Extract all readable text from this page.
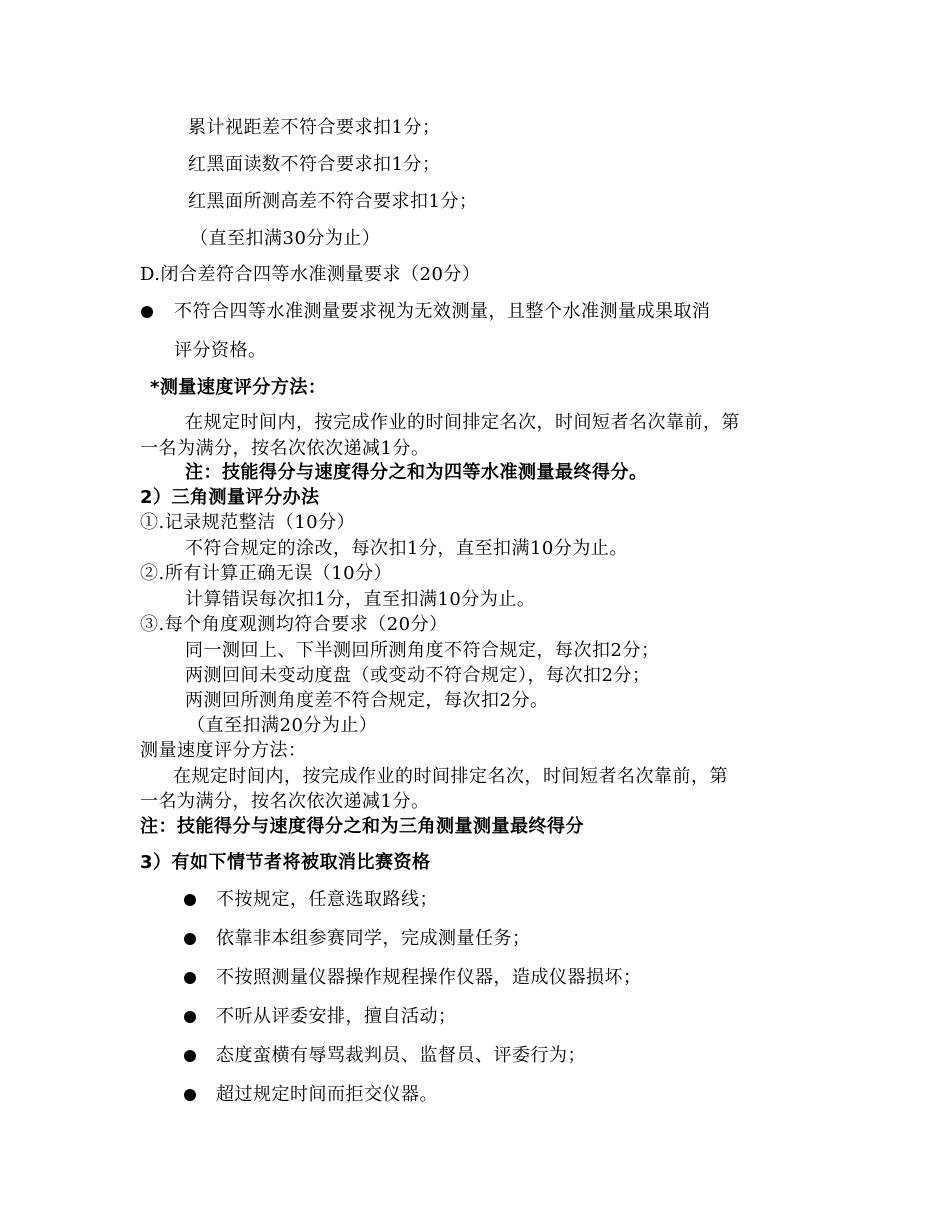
累计视距差不符合要求扣1分；
红黑面读数不符合要求扣1分；
红黑面所测高差不符合要求扣1分；
（直至扣满30分为止）
D.闭合差符合四等水准测量要求（20分）
不符合四等水准测量要求视为无效测量，且整个水准测量成果取消
评分资格。
*测量速度评分方法：
在规定时间内，按完成作业的时间排定名次，时间短者名次靠前，第
一名为满分，按名次依次递减1分。
注：技能得分与速度得分之和为四等水准测量最终得分。
2）三角测量评分办法
①.记录规范整洁（10分）
不符合规定的涂改，每次扣1分，直至扣满10分为止。
②.所有计算正确无误（10分）
计算错误每次扣1分，直至扣满10分为止。
③.每个角度观测均符合要求（20分）
同一测回上、下半测回所测角度不符合规定，每次扣2分；
两测回间未变动度盘（或变动不符合规定），每次扣2分；
两测回所测角度差不符合规定，每次扣2分。
（直至扣满20分为止）
测量速度评分方法：
在规定时间内，按完成作业的时间排定名次，时间短者名次靠前，第
一名为满分，按名次依次递减1分。
注：技能得分与速度得分之和为三角测量测量最终得分
3）有如下情节者将被取消比赛资格
不按规定，任意选取路线；
依靠非本组参赛同学，完成测量任务；
不按照测量仪器操作规程操作仪器，造成仪器损坏；
不听从评委安排，擅自活动；
态度蛮横有辱骂裁判员、监督员、评委行为；
超过规定时间而拒交仪器。
